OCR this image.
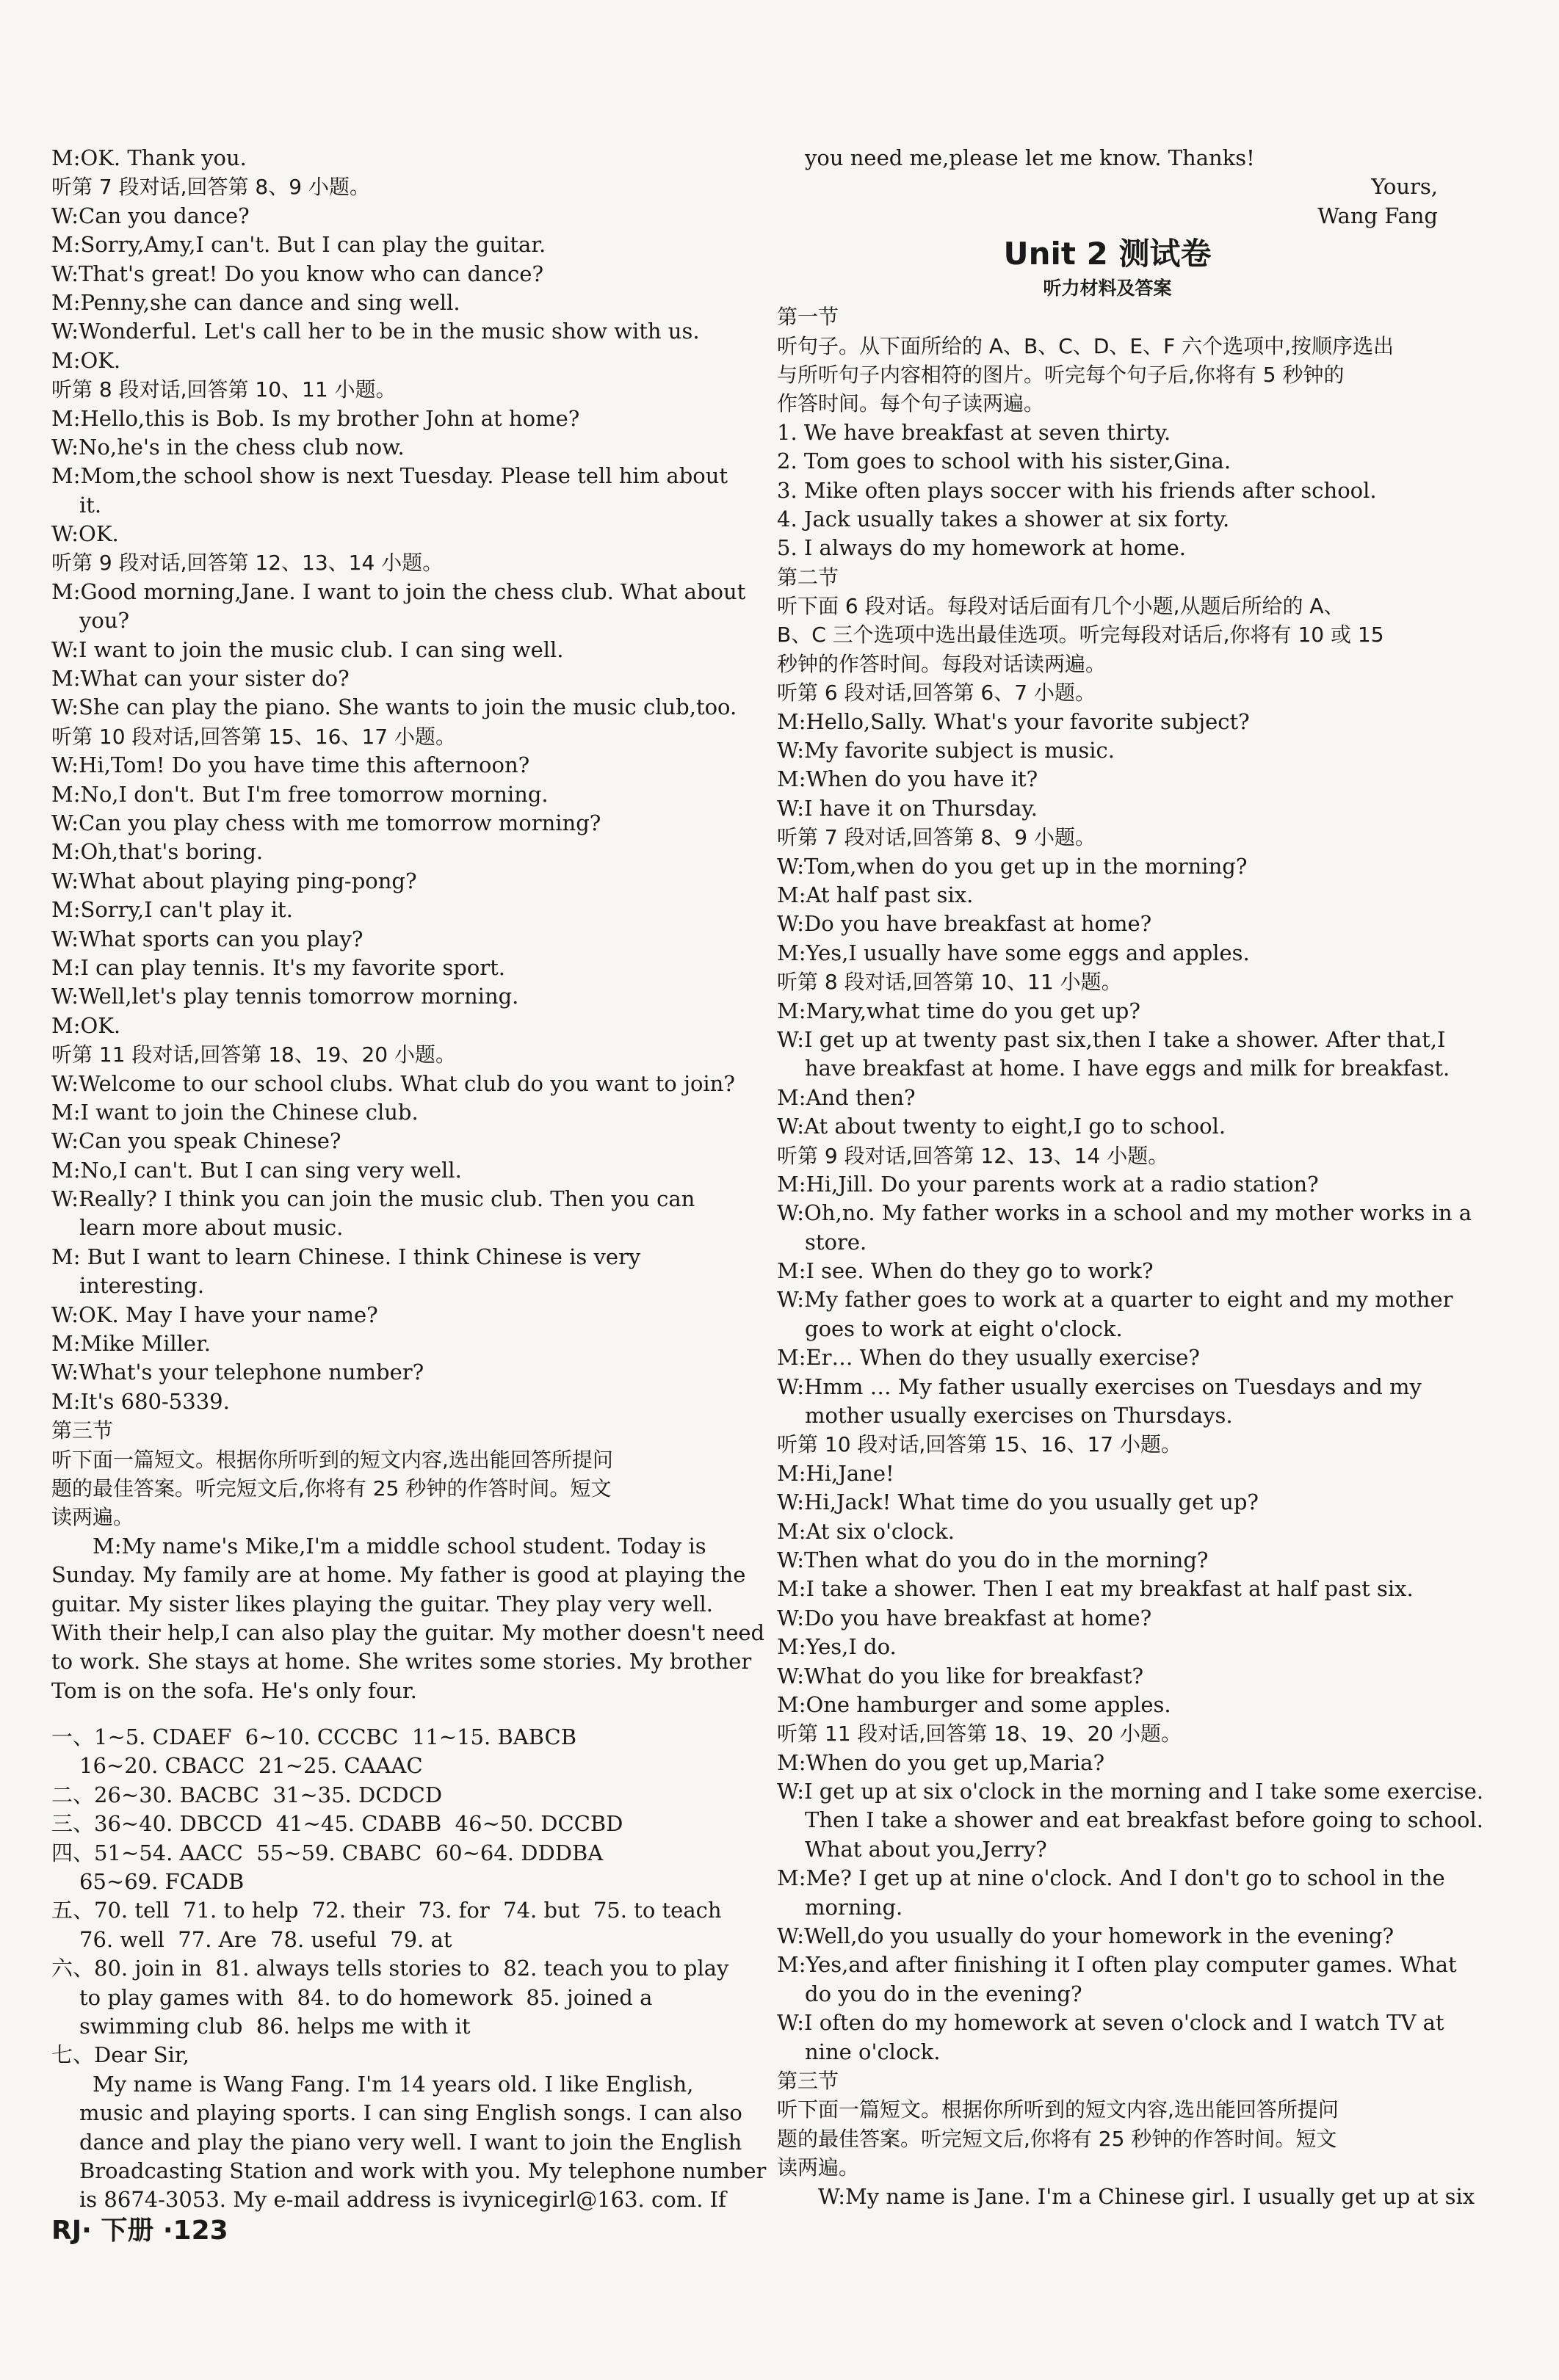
M:OK. Thank you.
听第 7 段对话,回答第 8、9 小题。
W:Can you dance?
M:Sorry,Amy,I can't. But I can play the guitar.
W:That's great! Do you know who can dance?
M:Penny,she can dance and sing well.
W:Wonderful. Let's call her to be in the music show with us.
M:OK.
听第 8 段对话,回答第 10、11 小题。
M:Hello,this is Bob. Is my brother John at home?
W:No,he's in the chess club now.
M:Mom,the school show is next Tuesday. Please tell him about
it.
W:OK.
听第 9 段对话,回答第 12、13、14 小题。
M:Good morning,Jane. I want to join the chess club. What about
you?
W:I want to join the music club. I can sing well.
M:What can your sister do?
W:She can play the piano. She wants to join the music club,too.
听第 10 段对话,回答第 15、16、17 小题。
W:Hi,Tom! Do you have time this afternoon?
M:No,I don't. But I'm free tomorrow morning.
W:Can you play chess with me tomorrow morning?
M:Oh,that's boring.
W:What about playing ping-pong?
M:Sorry,I can't play it.
W:What sports can you play?
M:I can play tennis. It's my favorite sport.
W:Well,let's play tennis tomorrow morning.
M:OK.
听第 11 段对话,回答第 18、19、20 小题。
W:Welcome to our school clubs. What club do you want to join?
M:I want to join the Chinese club.
W:Can you speak Chinese?
M:No,I can't. But I can sing very well.
W:Really? I think you can join the music club. Then you can
learn more about music.
M: But I want to learn Chinese. I think Chinese is very
interesting.
W:OK. May I have your name?
M:Mike Miller.
W:What's your telephone number?
M:It's 680-5339.
第三节
听下面一篇短文。根据你所听到的短文内容,选出能回答所提问
题的最佳答案。听完短文后,你将有 25 秒钟的作答时间。短文
读两遍。
M:My name's Mike,I'm a middle school student. Today is
Sunday. My family are at home. My father is good at playing the
guitar. My sister likes playing the guitar. They play very well.
With their help,I can also play the guitar. My mother doesn't need
to work. She stays at home. She writes some stories. My brother
Tom is on the sofa. He's only four.
一、1~5. CDAEF  6~10. CCCBC  11~15. BABCB
16~20. CBACC  21~25. CAAAC
二、26~30. BACBC  31~35. DCDCD
三、36~40. DBCCD  41~45. CDABB  46~50. DCCBD
四、51~54. AACC  55~59. CBABC  60~64. DDDBA
65~69. FCADB
五、70. tell  71. to help  72. their  73. for  74. but  75. to teach
76. well  77. Are  78. useful  79. at
六、80. join in  81. always tells stories to  82. teach you to play
to play games with  84. to do homework  85. joined a
swimming club  86. helps me with it
七、Dear Sir,
My name is Wang Fang. I'm 14 years old. I like English,
music and playing sports. I can sing English songs. I can also
dance and play the piano very well. I want to join the English
Broadcasting Station and work with you. My telephone number
is 8674-3053. My e-mail address is ivynicegirl@163. com. If
you need me,please let me know. Thanks!
Yours,
Wang Fang
Unit 2 测试卷
听力材料及答案
第一节
听句子。从下面所给的 A、B、C、D、E、F 六个选项中,按顺序选出
与所听句子内容相符的图片。听完每个句子后,你将有 5 秒钟的
作答时间。每个句子读两遍。
1. We have breakfast at seven thirty.
2. Tom goes to school with his sister,Gina.
3. Mike often plays soccer with his friends after school.
4. Jack usually takes a shower at six forty.
5. I always do my homework at home.
第二节
听下面 6 段对话。每段对话后面有几个小题,从题后所给的 A、
B、C 三个选项中选出最佳选项。听完每段对话后,你将有 10 或 15
秒钟的作答时间。每段对话读两遍。
听第 6 段对话,回答第 6、7 小题。
M:Hello,Sally. What's your favorite subject?
W:My favorite subject is music.
M:When do you have it?
W:I have it on Thursday.
听第 7 段对话,回答第 8、9 小题。
W:Tom,when do you get up in the morning?
M:At half past six.
W:Do you have breakfast at home?
M:Yes,I usually have some eggs and apples.
听第 8 段对话,回答第 10、11 小题。
M:Mary,what time do you get up?
W:I get up at twenty past six,then I take a shower. After that,I
have breakfast at home. I have eggs and milk for breakfast.
M:And then?
W:At about twenty to eight,I go to school.
听第 9 段对话,回答第 12、13、14 小题。
M:Hi,Jill. Do your parents work at a radio station?
W:Oh,no. My father works in a school and my mother works in a
store.
M:I see. When do they go to work?
W:My father goes to work at a quarter to eight and my mother
goes to work at eight o'clock.
M:Er… When do they usually exercise?
W:Hmm … My father usually exercises on Tuesdays and my
mother usually exercises on Thursdays.
听第 10 段对话,回答第 15、16、17 小题。
M:Hi,Jane!
W:Hi,Jack! What time do you usually get up?
M:At six o'clock.
W:Then what do you do in the morning?
M:I take a shower. Then I eat my breakfast at half past six.
W:Do you have breakfast at home?
M:Yes,I do.
W:What do you like for breakfast?
M:One hamburger and some apples.
听第 11 段对话,回答第 18、19、20 小题。
M:When do you get up,Maria?
W:I get up at six o'clock in the morning and I take some exercise.
Then I take a shower and eat breakfast before going to school.
What about you,Jerry?
M:Me? I get up at nine o'clock. And I don't go to school in the
morning.
W:Well,do you usually do your homework in the evening?
M:Yes,and after finishing it I often play computer games. What
do you do in the evening?
W:I often do my homework at seven o'clock and I watch TV at
nine o'clock.
第三节
听下面一篇短文。根据你所听到的短文内容,选出能回答所提问
题的最佳答案。听完短文后,你将有 25 秒钟的作答时间。短文
读两遍。
W:My name is Jane. I'm a Chinese girl. I usually get up at six
RJ· 下册 ·123
